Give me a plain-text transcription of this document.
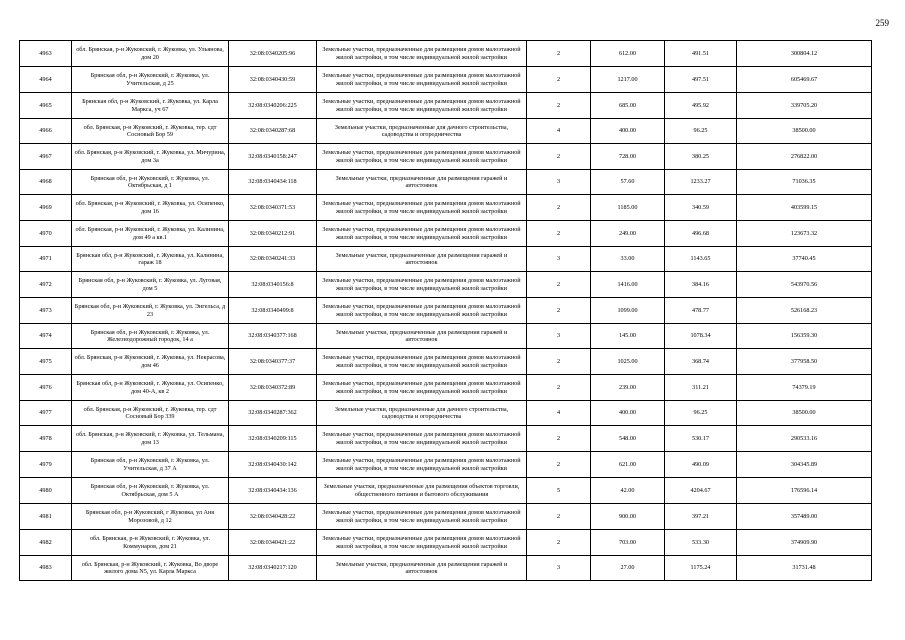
259
4963	обл. Брянская, р-н Жуковский, г. Жуковка, ул. Ульянова, дом 20	32:08:0340205:96	Земельные участки, предназначенные для размещения домов малоэтажной жилой застройки, в том числе индивидуальной жилой застройки	2	612.00	491.51	300804.12
4964	Брянская обл, р-н Жуковский, г. Жуковка, ул. Учительская, д 25	32:08:0340430:59	Земельные участки, предназначенные для размещения домов малоэтажной жилой застройки, в том числе индивидуальной жилой застройки	2	1217.00	497.51	605469.67
4965	Брянская обл, р-н Жуковский, г. Жуковка, ул. Карла Маркса, уч 67	32:08:0340206:225	Земельные участки, предназначенные для размещения домов малоэтажной жилой застройки, в том числе индивидуальной жилой застройки	2	685.00	495.92	339705.20
4966	обл. Брянская, р-н Жуковский, г. Жуковка, тер. сдт Сосновый Бор 59	32:08:0340287:68	Земельные участки, предназначенные для дачного строительства, садоводства и огородничества	4	400.00	96.25	38500.00
4967	обл. Брянская, р-н Жуковский, г. Жуковка, ул. Мичурина, дом 3а	32:08:0340158:247	Земельные участки, предназначенные для размещения домов малоэтажной жилой застройки, в том числе индивидуальной жилой застройки	2	728.00	380.25	276822.00
4968	Брянская обл, р-н Жуковский, г. Жуковка, ул. Октябрьская, д 1	32:08:0340434:118	Земельные участки, предназначенные для размещения гаражей и автостоянок	3	57.60	1233.27	71036.35
4969	обл. Брянская, р-н Жуковский, г. Жуковка, ул. Осипенко, дом 16	32:08:0340371:53	Земельные участки, предназначенные для размещения домов малоэтажной жилой застройки, в том числе индивидуальной жилой застройки	2	1185.00	340.59	403599.15
4970	обл. Брянская, р-н Жуковский, г. Жуковка, ул. Калинина, дом 49 а кв.1	32:08:0340212:91	Земельные участки, предназначенные для размещения домов малоэтажной жилой застройки, в том числе индивидуальной жилой застройки	2	249.00	496.68	123673.32
4971	Брянская обл, р-н Жуковский, г. Жуковка, ул. Калинина, гараж 18	32:08:0340241:33	Земельные участки, предназначенные для размещения гаражей и автостоянок	3	33.00	1143.65	37740.45
4972	Брянская обл, р-н Жуковский, г. Жуковка, ул. Луговая, дом 5	32:08:0340156:8	Земельные участки, предназначенные для размещения домов малоэтажной жилой застройки, в том числе индивидуальной жилой застройки	2	1416.00	384.16	543970.56
4973	Брянская обл, р-н Жуковский, г. Жуковка, ул. Энгельса, д 23	32:08:0340499:8	Земельные участки, предназначенные для размещения домов малоэтажной жилой застройки, в том числе индивидуальной жилой застройки	2	1099.00	478.77	526168.23
4974	Брянская обл, р-н Жуковский, г. Жуковка, ул. Железнодорожный городок, 14 а	32:08:0340377:168	Земельные участки, предназначенные для размещения гаражей и автостоянок	3	145.00	1078.34	156359.30
4975	обл. Брянская, р-н Жуковский, г. Жуковка, ул. Некрасова, дом 46	32:08:0340377:37	Земельные участки, предназначенные для размещения домов малоэтажной жилой застройки, в том числе индивидуальной жилой застройки	2	1025.00	368.74	377958.50
4976	Брянская обл, р-н Жуковский, г. Жуковка, ул. Осипенко, дом 40-А, кв 2	32:08:0340372:89	Земельные участки, предназначенные для размещения домов малоэтажной жилой застройки, в том числе индивидуальной жилой застройки	2	239.00	311.21	74379.19
4977	обл. Брянская, р-н Жуковский, г. Жуковка, тер. сдт Сосновый Бор 339	32:08:0340287:362	Земельные участки, предназначенные для дачного строительства, садоводства и огородничества	4	400.00	96.25	38500.00
4978	обл. Брянская, р-н Жуковский, г. Жуковка, ул. Тельмана, дом 13	32:08:0340209:115	Земельные участки, предназначенные для размещения домов малоэтажной жилой застройки, в том числе индивидуальной жилой застройки	2	548.00	530.17	290533.16
4979	Брянская обл, р-н Жуковский, г. Жуковка, ул. Учительская, д 37 А	32:08:0340430:142	Земельные участки, предназначенные для размещения домов малоэтажной жилой застройки, в том числе индивидуальной жилой застройки	2	621.00	490.09	304345.89
4980	Брянская обл, р-н Жуковский, г. Жуковка, ул. Октябрьская, дом 5 А	32:08:0340434:136	Земельные участки, предназначенные для размещения объектов торговли, общественного питания и бытового обслуживания	5	42.00	4204.67	176596.14
4981	Брянская обл, р-н Жуковский, г Жуковка, ул Аня Морозовой, д 12	32:08:0340428:22	Земельные участки, предназначенные для размещения домов малоэтажной жилой застройки, в том числе индивидуальной жилой застройки	2	900.00	397.21	357489.00
4982	обл. Брянская, р-н Жуковский, г. Жуковка, ул. Коммунаров, дом 21	32:08:0340421:22	Земельные участки, предназначенные для размещения домов малоэтажной жилой застройки, в том числе индивидуальной жилой застройки	2	703.00	533.30	374909.90
4983	обл. Брянская, р-н Жуковский, г. Жуковка, Во дворе жилого дома N5, ул. Карла Маркса	32:08:0340217:120	Земельные участки, предназначенные для размещения гаражей и автостоянок	3	27.00	1175.24	31731.48
